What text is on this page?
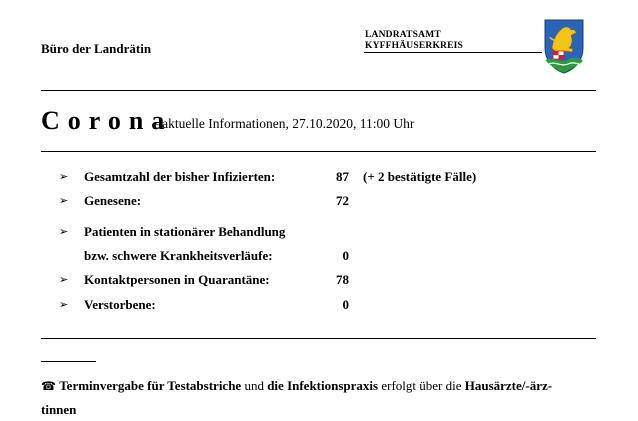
Büro der Landrätin
LANDRATSAMT
KYFFHÄUSERKREIS
Corona
– aktuelle Informationen, 27.10.2020, 11:00 Uhr
➢ Gesamtzahl der bisher Infizierten:	87 (+ 2 bestätigte Fälle)
➢ Genesene:	72
➢ Patienten in stationärer Behandlung
bzw. schwere Krankheitsverläufe:	0
➢ Kontaktpersonen in Quarantäne:	78
➢ Verstorbene:	0
☎ Terminvergabe für Testabstriche und die Infektionspraxis erfolgt über die Hausärzte/-ärz-
tinnen
